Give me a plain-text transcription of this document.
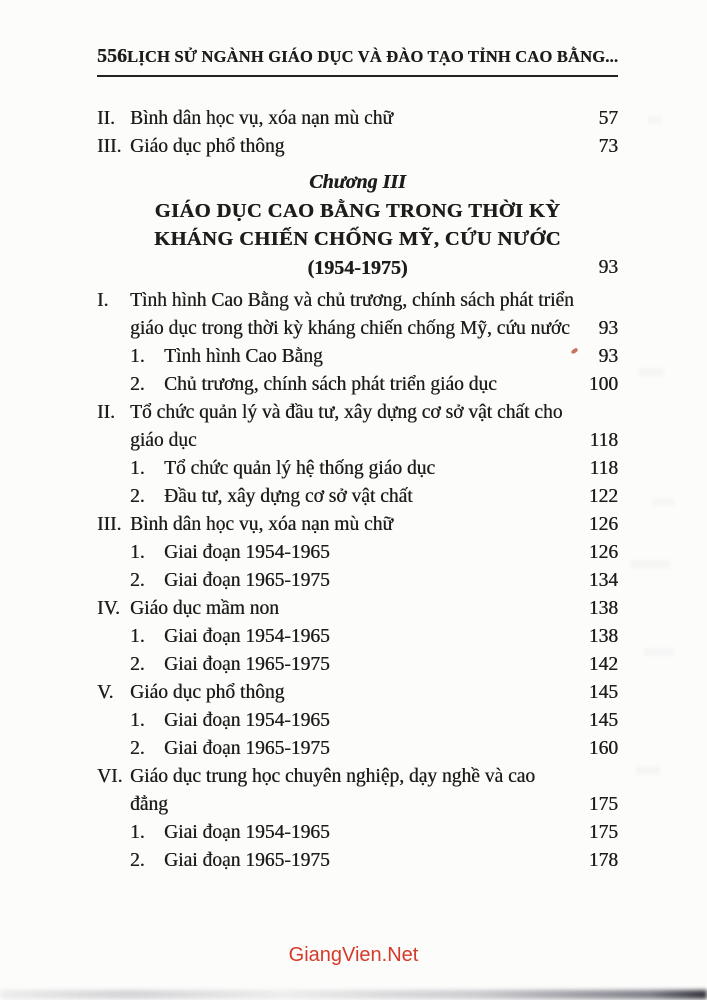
556 LỊCH SỬ NGÀNH GIÁO DỤC VÀ ĐÀO TẠO TỈNH CAO BẰNG...
II. Bình dân học vụ, xóa nạn mù chữ	57
III. Giáo dục phổ thông	73
Chương III
GIÁO DỤC CAO BẰNG TRONG THỜI KỲ
KHÁNG CHIẾN CHỐNG MỸ, CỨU NƯỚC
(1954-1975)	93
I. Tình hình Cao Bằng và chủ trương, chính sách phát triển giáo dục trong thời kỳ kháng chiến chống Mỹ, cứu nước	93
1. Tình hình Cao Bằng	93
2. Chủ trương, chính sách phát triển giáo dục	100
II. Tổ chức quản lý và đầu tư, xây dựng cơ sở vật chất cho giáo dục	118
1. Tổ chức quản lý hệ thống giáo dục	118
2. Đầu tư, xây dựng cơ sở vật chất	122
III. Bình dân học vụ, xóa nạn mù chữ	126
1. Giai đoạn 1954-1965	126
2. Giai đoạn 1965-1975	134
IV. Giáo dục mầm non	138
1. Giai đoạn 1954-1965	138
2. Giai đoạn 1965-1975	142
V. Giáo dục phổ thông	145
1. Giai đoạn 1954-1965	145
2. Giai đoạn 1965-1975	160
VI. Giáo dục trung học chuyên nghiệp, dạy nghề và cao đẳng	175
1. Giai đoạn 1954-1965	175
2. Giai đoạn 1965-1975	178
GiangVien.Net
